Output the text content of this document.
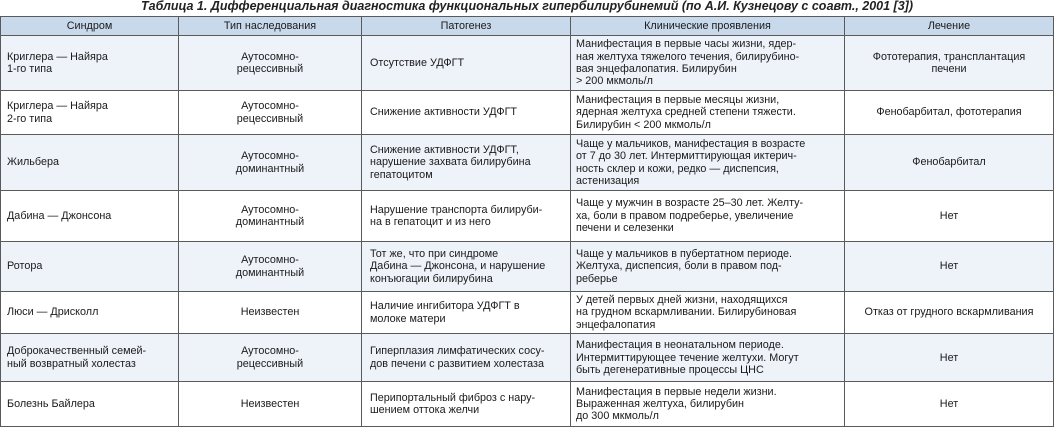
Таблица 1. Дифференциальная диагностика функциональных гипербилирубинемий (по А.И. Кузнецову с соавт., 2001 [3])
Синдром	Тип наследования	Патогенез	Клинические проявления	Лечение
Криглера — Найяра
1-го типа	Аутосомно-
рецессивный	Отсутствие УДФГТ	Манифестация в первые часы жизни, ядер-
ная желтуха тяжелого течения, билирубино-
вая энцефалопатия. Билирубин
> 200 мкмоль/л	Фототерапия, трансплантация
печени
Криглера — Найяра
2-го типа	Аутосомно-
рецессивный	Снижение активности УДФГТ	Манифестация в первые месяцы жизни,
ядерная желтуха средней степени тяжести.
Билирубин < 200 мкмоль/л	Фенобарбитал, фототерапия
Жильбера	Аутосомно-
доминантный	Снижение активности УДФГТ,
нарушение захвата билирубина
гепатоцитом	Чаще у мальчиков, манифестация в возрасте
от 7 до 30 лет. Интермиттирующая иктерич-
ность склер и кожи, редко — диспепсия,
астенизация	Фенобарбитал
Дабина — Джонсона	Аутосомно-
доминантный	Нарушение транспорта билируби-
на в гепатоцит и из него	Чаще у мужчин в возрасте 25–30 лет. Желту-
ха, боли в правом подреберье, увеличение
печени и селезенки	Нет
Ротора	Аутосомно-
доминантный	Тот же, что при синдроме
Дабина — Джонсона, и нарушение
конъюгации билирубина	Чаще у мальчиков в пубертатном периоде.
Желтуха, диспепсия, боли в правом под-
реберье	Нет
Люси — Дрисколл	Неизвестен	Наличие ингибитора УДФГТ в
молоке матери	У детей первых дней жизни, находящихся
на грудном вскармливании. Билирубиновая
энцефалопатия	Отказ от грудного вскармливания
Доброкачественный семей-
ный возвратный холестаз	Аутосомно-
рецессивный	Гиперплазия лимфатических сосу-
дов печени с развитием холестаза	Манифестация в неонатальном периоде.
Интермиттирующее течение желтухи. Могут
быть дегенеративные процессы ЦНС	Нет
Болезнь Байлера	Неизвестен	Перипортальный фиброз с нару-
шением оттока желчи	Манифестация в первые недели жизни.
Выраженная желтуха, билирубин
до 300 мкмоль/л	Нет
